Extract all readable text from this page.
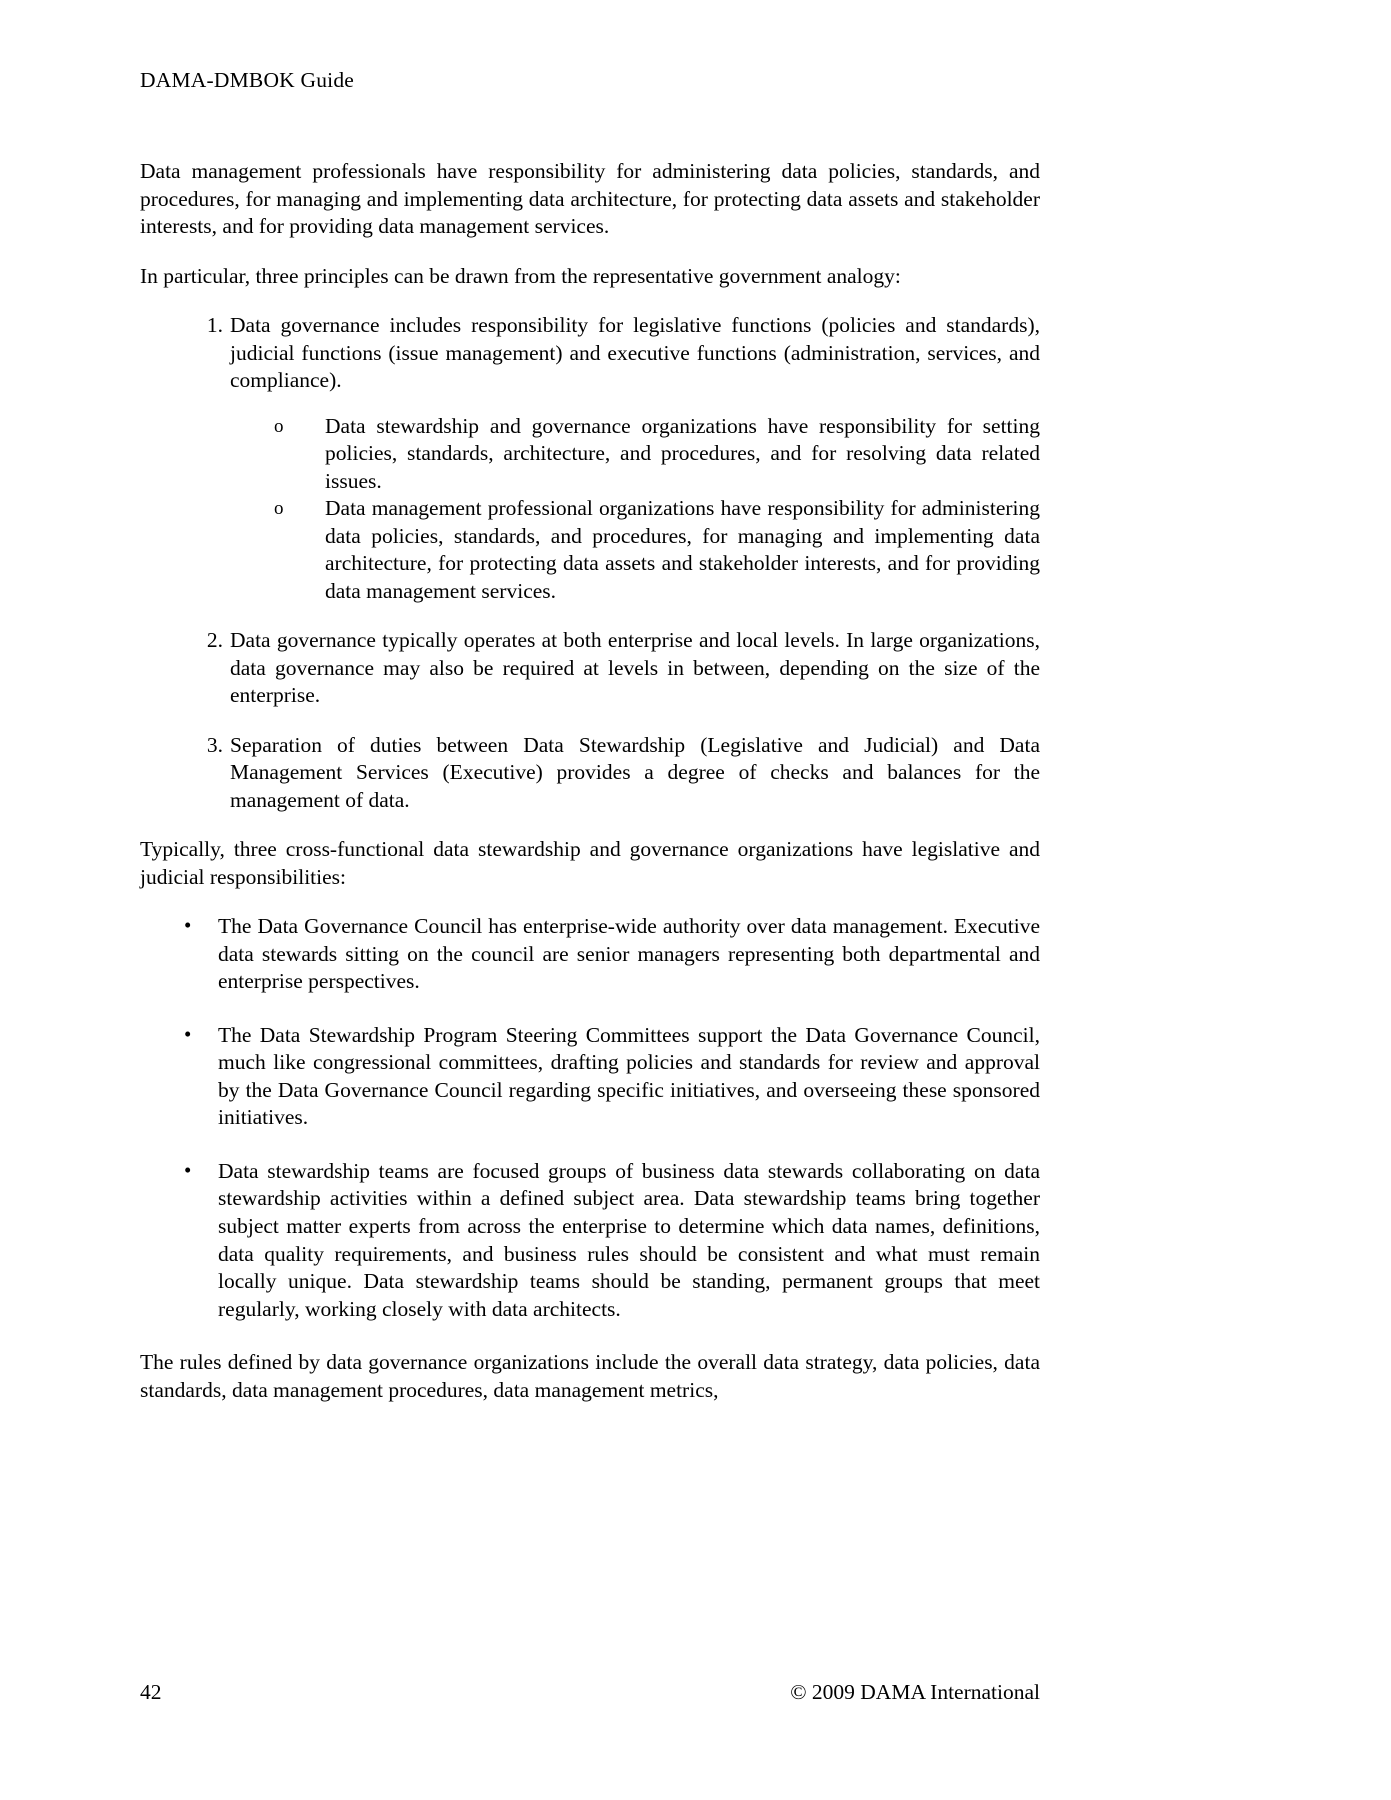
DAMA-DMBOK Guide

Data management professionals have responsibility for administering data policies, standards, and procedures, for managing and implementing data architecture, for protecting data assets and stakeholder interests, and for providing data management services.

In particular, three principles can be drawn from the representative government analogy:

1. Data governance includes responsibility for legislative functions (policies and standards), judicial functions (issue management) and executive functions (administration, services, and compliance).
o Data stewardship and governance organizations have responsibility for setting policies, standards, architecture, and procedures, and for resolving data related issues.
o Data management professional organizations have responsibility for administering data policies, standards, and procedures, for managing and implementing data architecture, for protecting data assets and stakeholder interests, and for providing data management services.
2. Data governance typically operates at both enterprise and local levels. In large organizations, data governance may also be required at levels in between, depending on the size of the enterprise.
3. Separation of duties between Data Stewardship (Legislative and Judicial) and Data Management Services (Executive) provides a degree of checks and balances for the management of data.

Typically, three cross-functional data stewardship and governance organizations have legislative and judicial responsibilities:

• The Data Governance Council has enterprise-wide authority over data management. Executive data stewards sitting on the council are senior managers representing both departmental and enterprise perspectives.
• The Data Stewardship Program Steering Committees support the Data Governance Council, much like congressional committees, drafting policies and standards for review and approval by the Data Governance Council regarding specific initiatives, and overseeing these sponsored initiatives.
• Data stewardship teams are focused groups of business data stewards collaborating on data stewardship activities within a defined subject area. Data stewardship teams bring together subject matter experts from across the enterprise to determine which data names, definitions, data quality requirements, and business rules should be consistent and what must remain locally unique. Data stewardship teams should be standing, permanent groups that meet regularly, working closely with data architects.

The rules defined by data governance organizations include the overall data strategy, data policies, data standards, data management procedures, data management metrics,

42	© 2009 DAMA International
